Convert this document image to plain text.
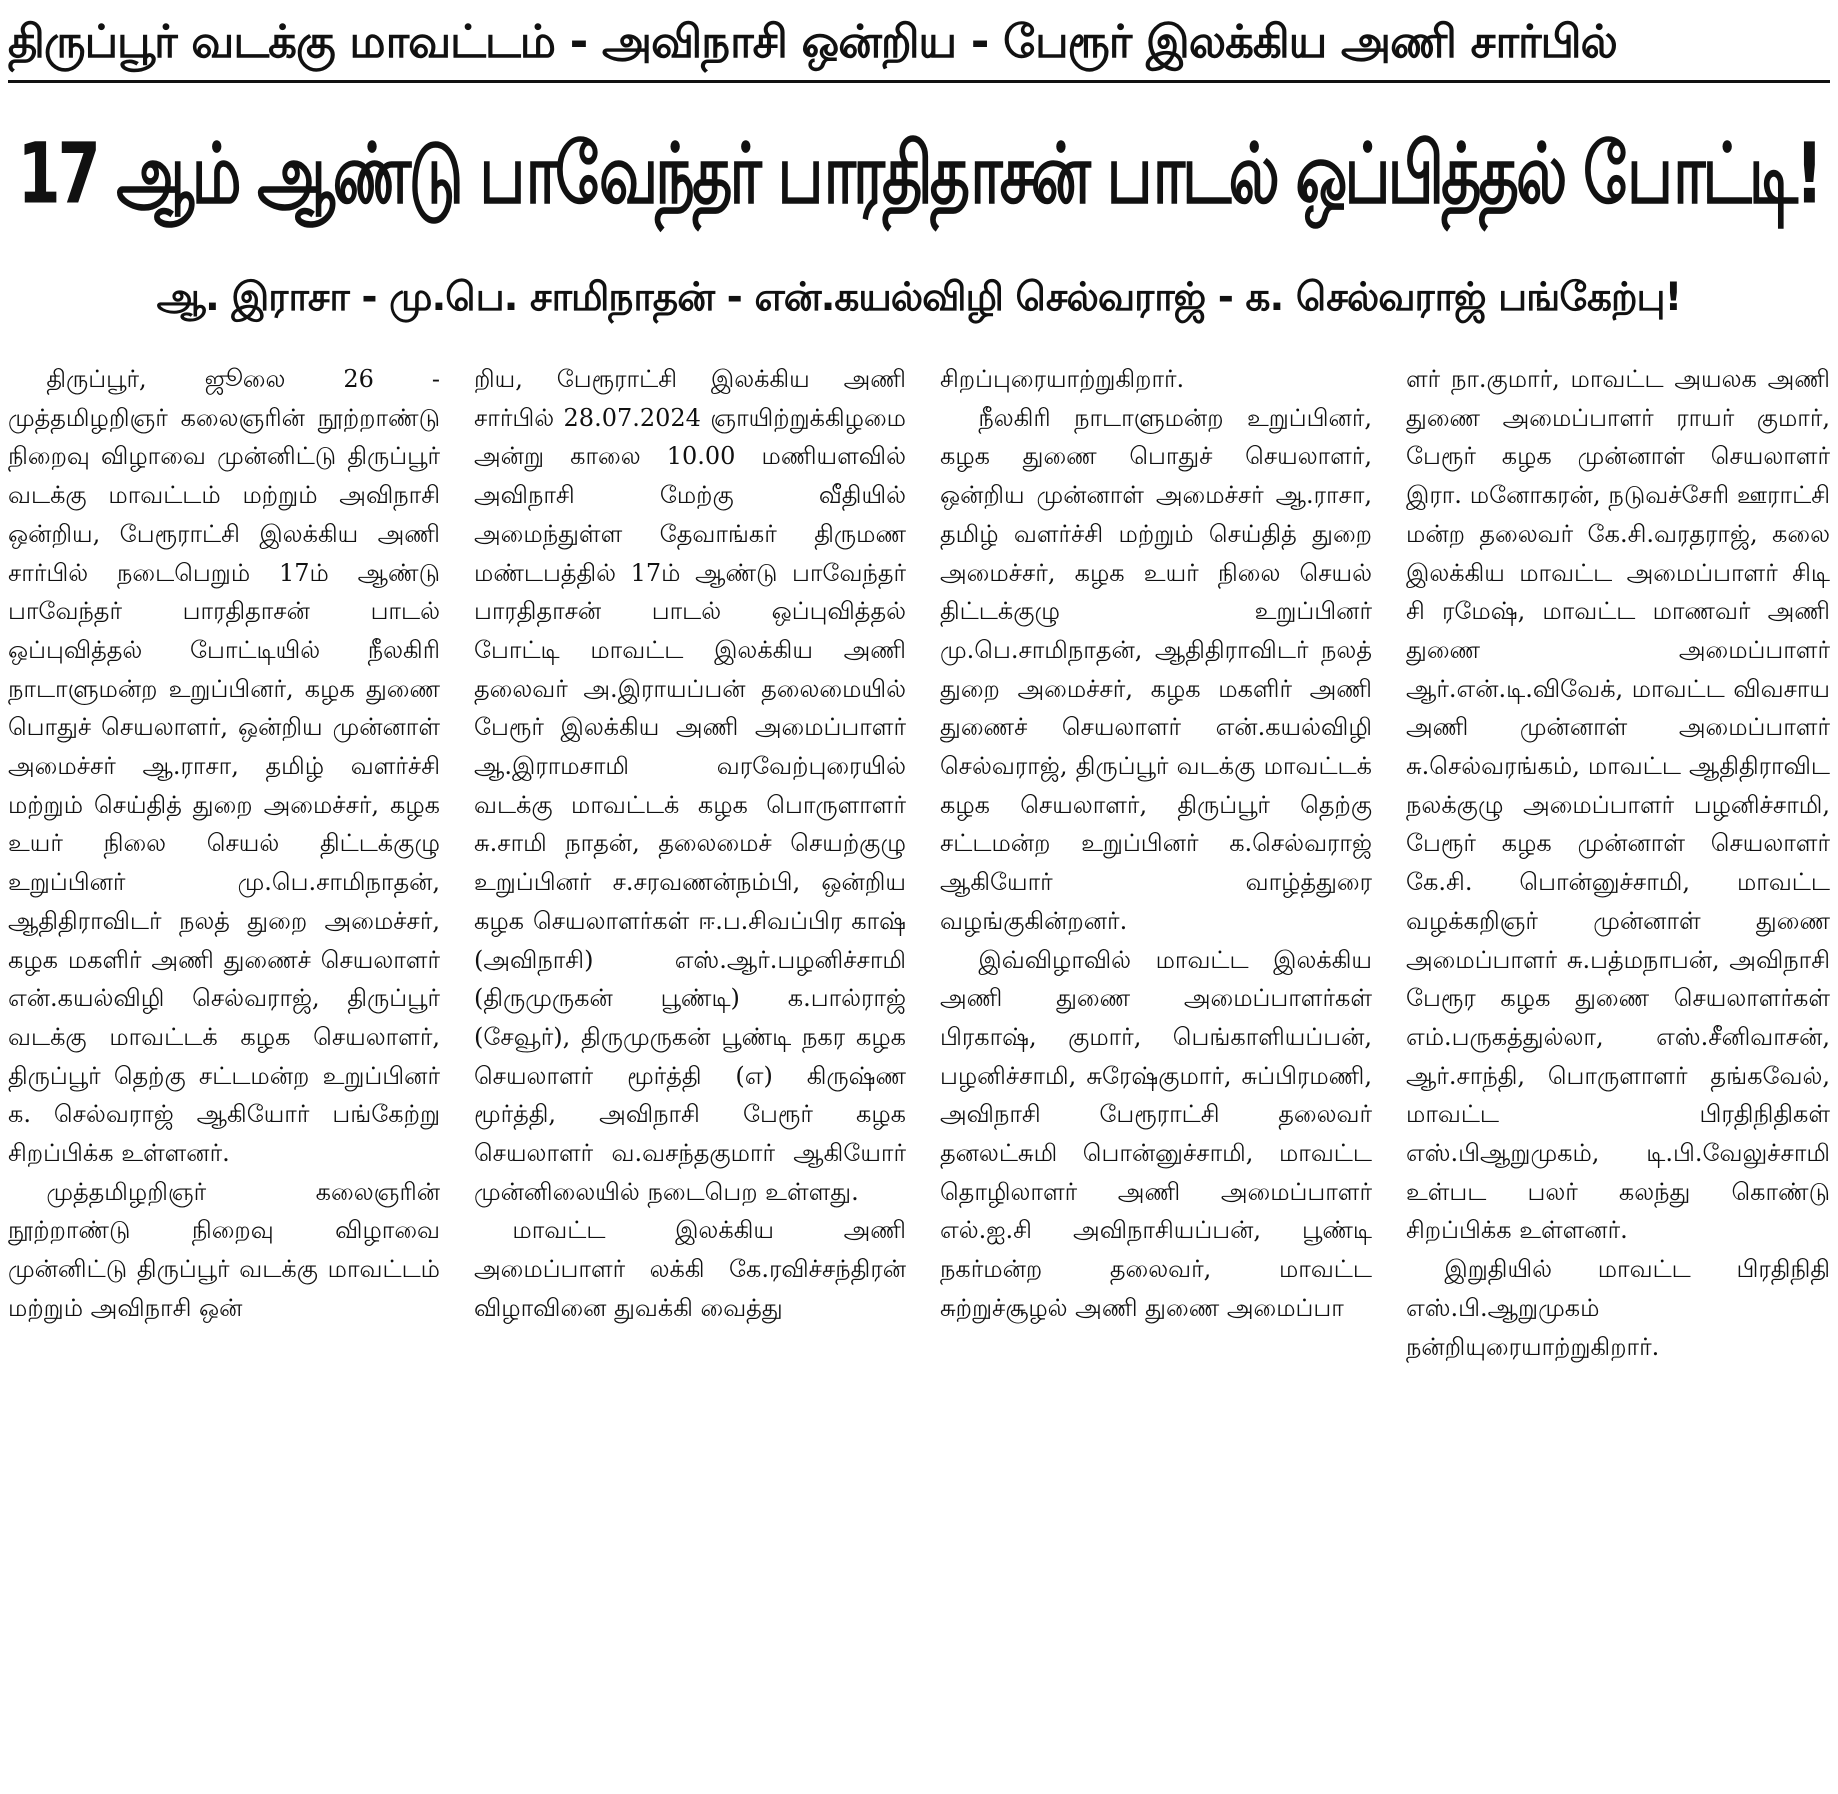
திருப்பூர் வடக்கு மாவட்டம் - அவிநாசி ஒன்றிய - பேரூர் இலக்கிய அணி சார்பில்
17 ஆம் ஆண்டு பாவேந்தர் பாரதிதாசன் பாடல் ஒப்பித்தல் போட்டி!
ஆ. இராசா - மு.பெ. சாமிநாதன் - என்.கயல்விழி செல்வராஜ் - க. செல்வராஜ் பங்கேற்பு!

திருப்பூர், ஜூலை 26 - முத்தமிழறிஞர் கலைஞரின் நூற்றாண்டு நிறைவு விழாவை முன்னிட்டு திருப்பூர் வடக்கு மாவட்டம் மற்றும் அவிநாசி ஒன்றிய, பேரூராட்சி இலக்கிய அணி சார்பில் நடைபெறும் 17ம் ஆண்டு பாவேந்தர் பாரதிதாசன் பாடல் ஒப்புவித்தல் போட்டியில் நீலகிரி நாடாளுமன்ற உறுப்பினர், கழக துணை பொதுச் செயலாளர், ஒன்றிய முன்னாள் அமைச்சர் ஆ.ராசா, தமிழ் வளர்ச்சி மற்றும் செய்தித் துறை அமைச்சர், கழக உயர் நிலை செயல் திட்டக்குழு உறுப்பினர் மு.பெ.சாமிநாதன், ஆதிதிராவிடர் நலத் துறை அமைச்சர், கழக மகளிர் அணி துணைச் செயலாளர் என்.கயல்விழி செல்வராஜ், திருப்பூர் வடக்கு மாவட்டக் கழக செயலாளர், திருப்பூர் தெற்கு சட்டமன்ற உறுப்பினர் க. செல்வராஜ் ஆகியோர் பங்கேற்று சிறப்பிக்க உள்ளனர்.

முத்தமிழறிஞர் கலைஞரின் நூற்றாண்டு நிறைவு விழாவை முன்னிட்டு திருப்பூர் வடக்கு மாவட்டம் மற்றும் அவிநாசி ஒன்

றிய, பேரூராட்சி இலக்கிய அணி சார்பில் 28.07.2024 ஞாயிற்றுக்கிழமை அன்று காலை 10.00 மணியளவில் அவிநாசி மேற்கு வீதியில் அமைந்துள்ள தேவாங்கர் திருமண மண்டபத்தில் 17ம் ஆண்டு பாவேந்தர் பாரதிதாசன் பாடல் ஒப்புவித்தல் போட்டி மாவட்ட இலக்கிய அணி தலைவர் அ.இராயப்பன் தலைமையில் பேரூர் இலக்கிய அணி அமைப்பாளர் ஆ.இராமசாமி வரவேற்புரையில் வடக்கு மாவட்டக் கழக பொருளாளர் சு.சாமி நாதன், தலைமைச் செயற்குழு உறுப்பினர் ச.சரவணன்நம்பி, ஒன்றிய கழக செயலாளர்கள் ஈ.ப.சிவப்பிர காஷ் (அவிநாசி) எஸ்.ஆர்.பழனிச்சாமி (திருமுருகன் பூண்டி) க.பால்ராஜ் (சேவூர்), திருமுருகன் பூண்டி நகர கழக செயலாளர் மூர்த்தி (எ) கிருஷ்ண மூர்த்தி, அவிநாசி பேரூர் கழக செயலாளர் வ.வசந்தகுமார் ஆகியோர் முன்னிலையில் நடைபெற உள்ளது.

மாவட்ட இலக்கிய அணி அமைப்பாளர் லக்கி கே.ரவிச்சந்திரன் விழாவினை துவக்கி வைத்து

சிறப்புரையாற்றுகிறார்.

நீலகிரி நாடாளுமன்ற உறுப்பினர், கழக துணை பொதுச் செயலாளர், ஒன்றிய முன்னாள் அமைச்சர் ஆ.ராசா, தமிழ் வளர்ச்சி மற்றும் செய்தித் துறை அமைச்சர், கழக உயர் நிலை செயல் திட்டக்குழு உறுப்பினர் மு.பெ.சாமிநாதன், ஆதிதிராவிடர் நலத் துறை அமைச்சர், கழக மகளிர் அணி துணைச் செயலாளர் என்.கயல்விழி செல்வராஜ், திருப்பூர் வடக்கு மாவட்டக் கழக செயலாளர், திருப்பூர் தெற்கு சட்டமன்ற உறுப்பினர் க.செல்வராஜ் ஆகியோர் வாழ்த்துரை வழங்குகின்றனர்.

இவ்விழாவில் மாவட்ட இலக்கிய அணி துணை அமைப்பாளர்கள் பிரகாஷ், குமார், பெங்காளியப்பன், பழனிச்சாமி, சுரேஷ்குமார், சுப்பிரமணி, அவிநாசி பேரூராட்சி தலைவர் தனலட்சுமி பொன்னுச்சாமி, மாவட்ட தொழிலாளர் அணி அமைப்பாளர் எல்.ஐ.சி அவிநாசியப்பன், பூண்டி நகர்மன்ற தலைவர், மாவட்ட சுற்றுச்சூழல் அணி துணை அமைப்பா

ளர் நா.குமார், மாவட்ட அயலக அணி துணை அமைப்பாளர் ராயர் குமார், பேரூர் கழக முன்னாள் செயலாளர் இரா. மனோகரன், நடுவச்சேரி ஊராட்சி மன்ற தலைவர் கே.சி.வரதராஜ், கலை இலக்கிய மாவட்ட அமைப்பாளர் சிடி சி ரமேஷ், மாவட்ட மாணவர் அணி துணை அமைப்பாளர் ஆர்.என்.டி.விவேக், மாவட்ட விவசாய அணி முன்னாள் அமைப்பாளர் சு.செல்வரங்கம், மாவட்ட ஆதிதிராவிட நலக்குழு அமைப்பாளர் பழனிச்சாமி, பேரூர் கழக முன்னாள் செயலாளர் கே.சி. பொன்னுச்சாமி, மாவட்ட வழக்கறிஞர் முன்னாள் துணை அமைப்பாளர் சு.பத்மநாபன், அவிநாசி பேரூர கழக துணை செயலாளர்கள் எம்.பருகத்துல்லா, எஸ்.சீனிவாசன், ஆர்.சாந்தி, பொருளாளர் தங்கவேல், மாவட்ட பிரதிநிதிகள் எஸ்.பிஆறுமுகம், டி.பி.வேலுச்சாமி உள்பட பலர் கலந்து கொண்டு சிறப்பிக்க உள்ளனர்.

இறுதியில் மாவட்ட பிரதிநிதி எஸ்.பி.ஆறுமுகம் நன்றியுரையாற்றுகிறார்.
